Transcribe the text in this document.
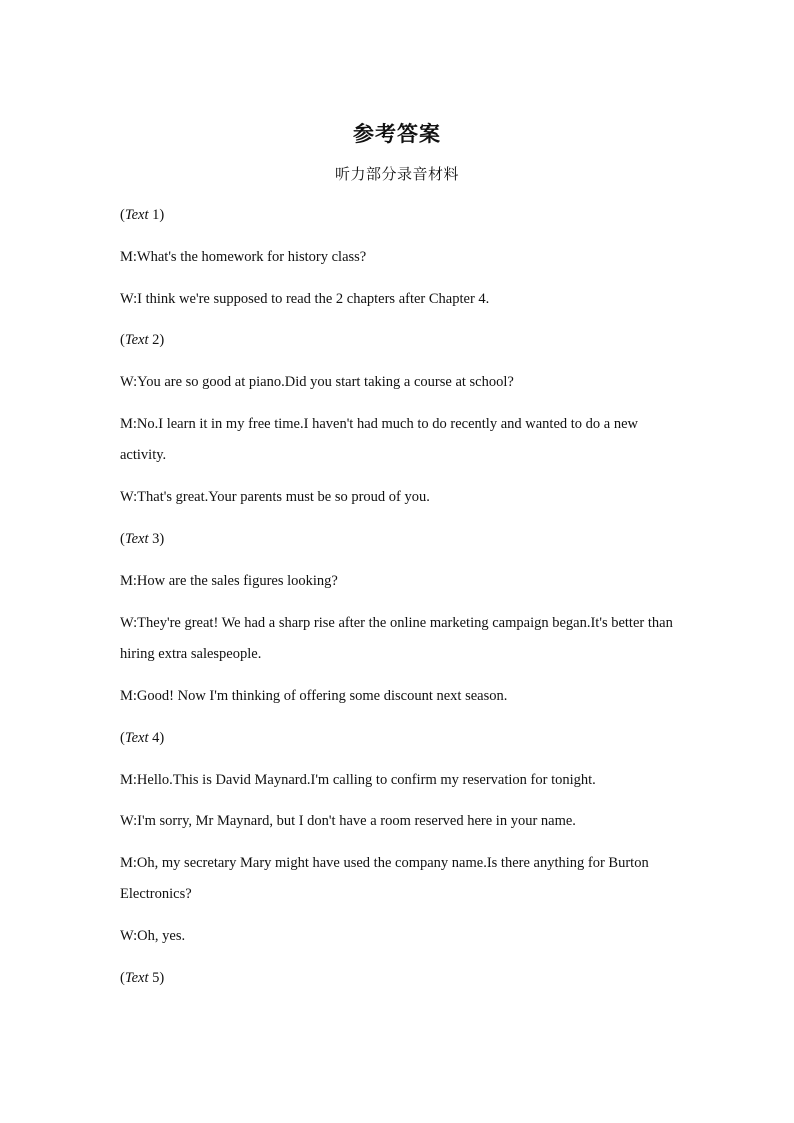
参考答案
听力部分录音材料
(Text 1)
M:What's the homework for history class?
W:I think we're supposed to read the 2 chapters after Chapter 4.
(Text 2)
W:You are so good at piano.Did you start taking a course at school?
M:No.I learn it in my free time.I haven't had much to do recently and wanted to do a new activity.
W:That's great.Your parents must be so proud of you.
(Text 3)
M:How are the sales figures looking?
W:They're great! We had a sharp rise after the online marketing campaign began.It's better than hiring extra salespeople.
M:Good! Now I'm thinking of offering some discount next season.
(Text 4)
M:Hello.This is David Maynard.I'm calling to confirm my reservation for tonight.
W:I'm sorry, Mr Maynard, but I don't have a room reserved here in your name.
M:Oh, my secretary Mary might have used the company name.Is there anything for Burton Electronics?
W:Oh, yes.
(Text 5)
